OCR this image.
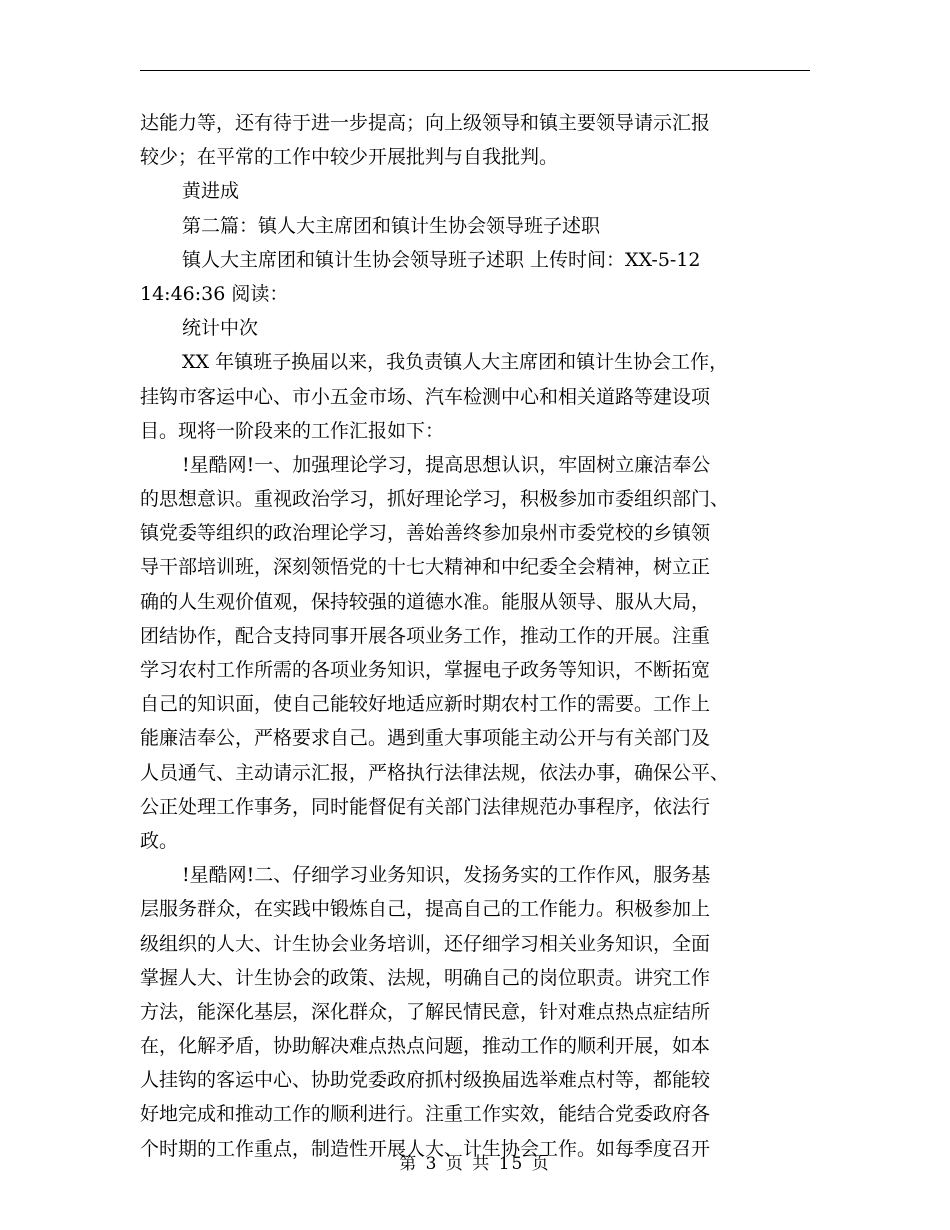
达能力等，还有待于进一步提高；向上级领导和镇主要领导请示汇报
较少；在平常的工作中较少开展批判与自我批判。
黄进成
第二篇：镇人大主席团和镇计生协会领导班子述职
镇人大主席团和镇计生协会领导班子述职 上传时间：XX-5-12
14:46:36 阅读：
统计中次
XX 年镇班子换届以来，我负责镇人大主席团和镇计生协会工作，
挂钩市客运中心、市小五金市场、汽车检测中心和相关道路等建设项
目。现将一阶段来的工作汇报如下：
!星酷网!一、加强理论学习，提高思想认识，牢固树立廉洁奉公
的思想意识。重视政治学习，抓好理论学习，积极参加市委组织部门、
镇党委等组织的政治理论学习，善始善终参加泉州市委党校的乡镇领
导干部培训班，深刻领悟党的十七大精神和中纪委全会精神，树立正
确的人生观价值观，保持较强的道德水准。能服从领导、服从大局，
团结协作，配合支持同事开展各项业务工作，推动工作的开展。注重
学习农村工作所需的各项业务知识，掌握电子政务等知识，不断拓宽
自己的知识面，使自己能较好地适应新时期农村工作的需要。工作上
能廉洁奉公，严格要求自己。遇到重大事项能主动公开与有关部门及
人员通气、主动请示汇报，严格执行法律法规，依法办事，确保公平、
公正处理工作事务，同时能督促有关部门法律规范办事程序，依法行
政。
!星酷网!二、仔细学习业务知识，发扬务实的工作作风，服务基
层服务群众，在实践中锻炼自己，提高自己的工作能力。积极参加上
级组织的人大、计生协会业务培训，还仔细学习相关业务知识，全面
掌握人大、计生协会的政策、法规，明确自己的岗位职责。讲究工作
方法，能深化基层，深化群众，了解民情民意，针对难点热点症结所
在，化解矛盾，协助解决难点热点问题，推动工作的顺利开展，如本
人挂钩的客运中心、协助党委政府抓村级换届选举难点村等，都能较
好地完成和推动工作的顺利进行。注重工作实效，能结合党委政府各
个时期的工作重点，制造性开展人大、计生协会工作。如每季度召开
第 3 页 共 15 页
